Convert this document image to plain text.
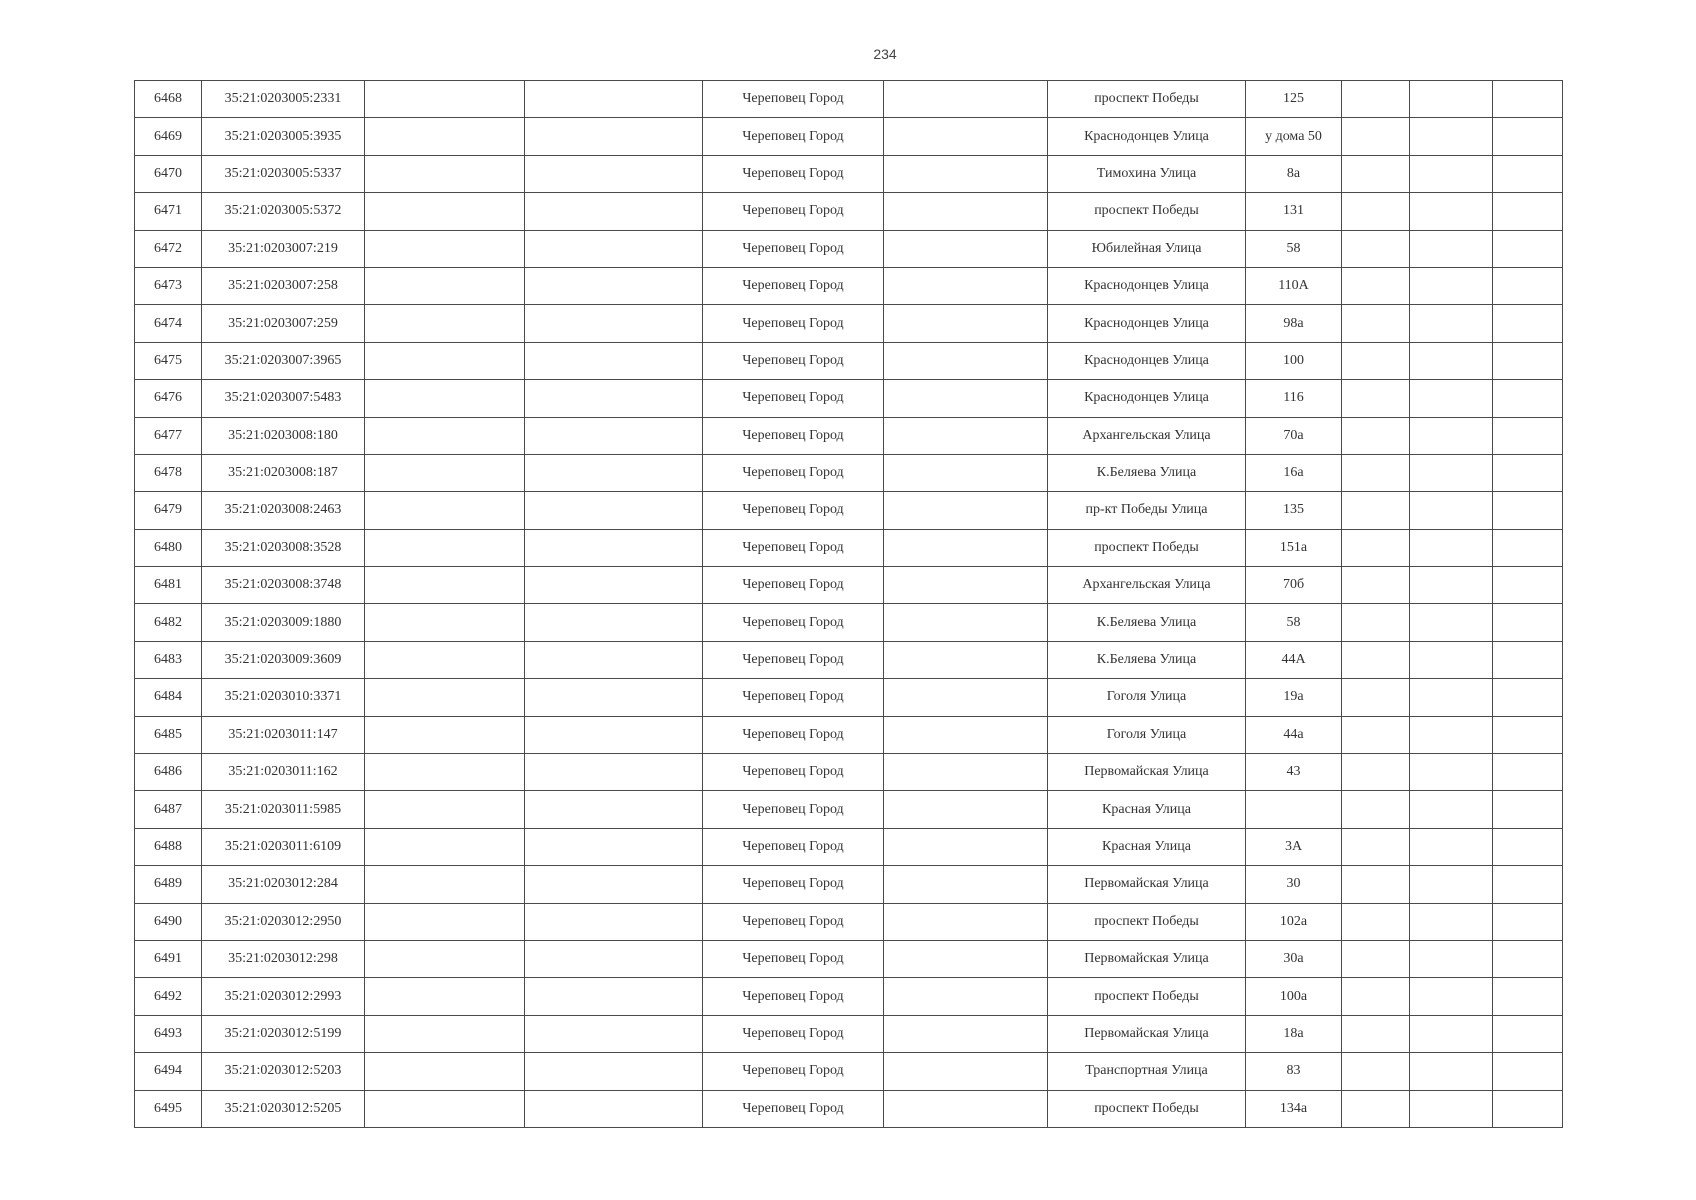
234
6468	35:21:0203005:2331			Череповец Город		проспект Победы	125			
6469	35:21:0203005:3935			Череповец Город		Краснодонцев Улица	у дома 50			
6470	35:21:0203005:5337			Череповец Город		Тимохина Улица	8а			
6471	35:21:0203005:5372			Череповец Город		проспект Победы	131			
6472	35:21:0203007:219			Череповец Город		Юбилейная Улица	58			
6473	35:21:0203007:258			Череповец Город		Краснодонцев Улица	110А			
6474	35:21:0203007:259			Череповец Город		Краснодонцев Улица	98а			
6475	35:21:0203007:3965			Череповец Город		Краснодонцев Улица	100			
6476	35:21:0203007:5483			Череповец Город		Краснодонцев Улица	116			
6477	35:21:0203008:180			Череповец Город		Архангельская Улица	70а			
6478	35:21:0203008:187			Череповец Город		К.Беляева Улица	16а			
6479	35:21:0203008:2463			Череповец Город		пр-кт Победы Улица	135			
6480	35:21:0203008:3528			Череповец Город		проспект Победы	151а			
6481	35:21:0203008:3748			Череповец Город		Архангельская Улица	70б			
6482	35:21:0203009:1880			Череповец Город		К.Беляева Улица	58			
6483	35:21:0203009:3609			Череповец Город		К.Беляева Улица	44А			
6484	35:21:0203010:3371			Череповец Город		Гоголя Улица	19а			
6485	35:21:0203011:147			Череповец Город		Гоголя Улица	44а			
6486	35:21:0203011:162			Череповец Город		Первомайская Улица	43			
6487	35:21:0203011:5985			Череповец Город		Красная Улица				
6488	35:21:0203011:6109			Череповец Город		Красная Улица	3А			
6489	35:21:0203012:284			Череповец Город		Первомайская Улица	30			
6490	35:21:0203012:2950			Череповец Город		проспект Победы	102а			
6491	35:21:0203012:298			Череповец Город		Первомайская Улица	30а			
6492	35:21:0203012:2993			Череповец Город		проспект Победы	100а			
6493	35:21:0203012:5199			Череповец Город		Первомайская Улица	18а			
6494	35:21:0203012:5203			Череповец Город		Транспортная Улица	83			
6495	35:21:0203012:5205			Череповец Город		проспект Победы	134а			
